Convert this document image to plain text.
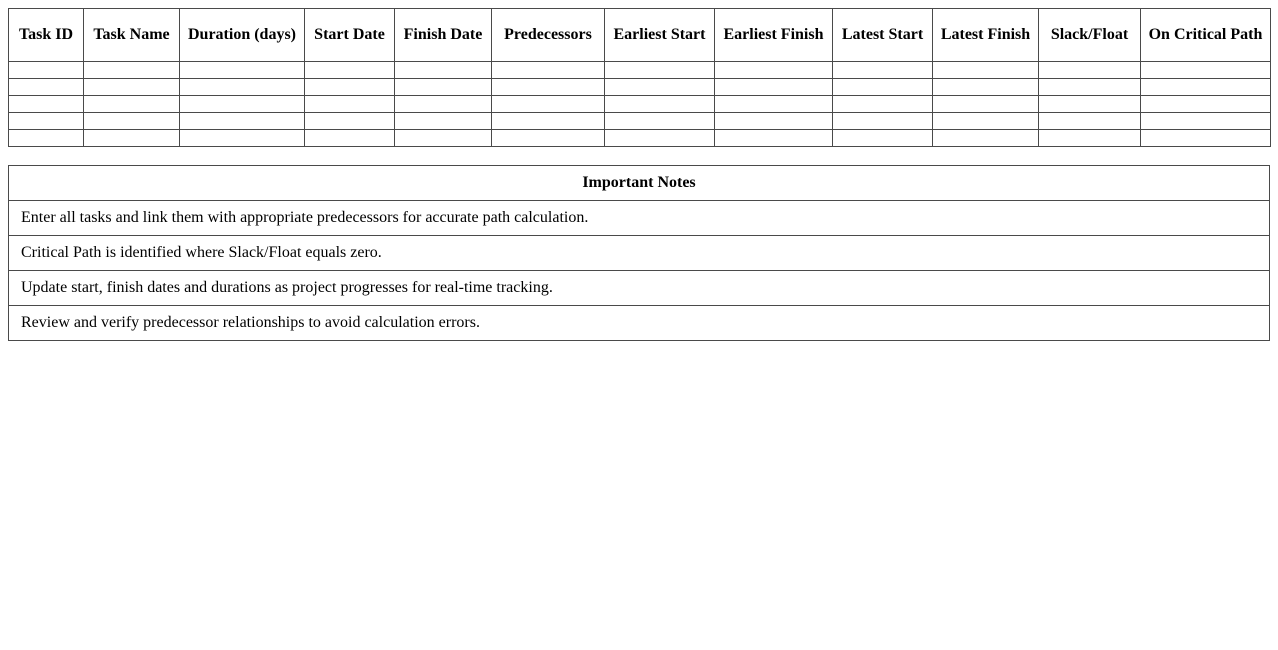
Task ID	Task Name	Duration (days)	Start Date	Finish Date	Predecessors	Earliest Start	Earliest Finish	Latest Start	Latest Finish	Slack/Float	On Critical Path

Important Notes
Enter all tasks and link them with appropriate predecessors for accurate path calculation.
Critical Path is identified where Slack/Float equals zero.
Update start, finish dates and durations as project progresses for real-time tracking.
Review and verify predecessor relationships to avoid calculation errors.
